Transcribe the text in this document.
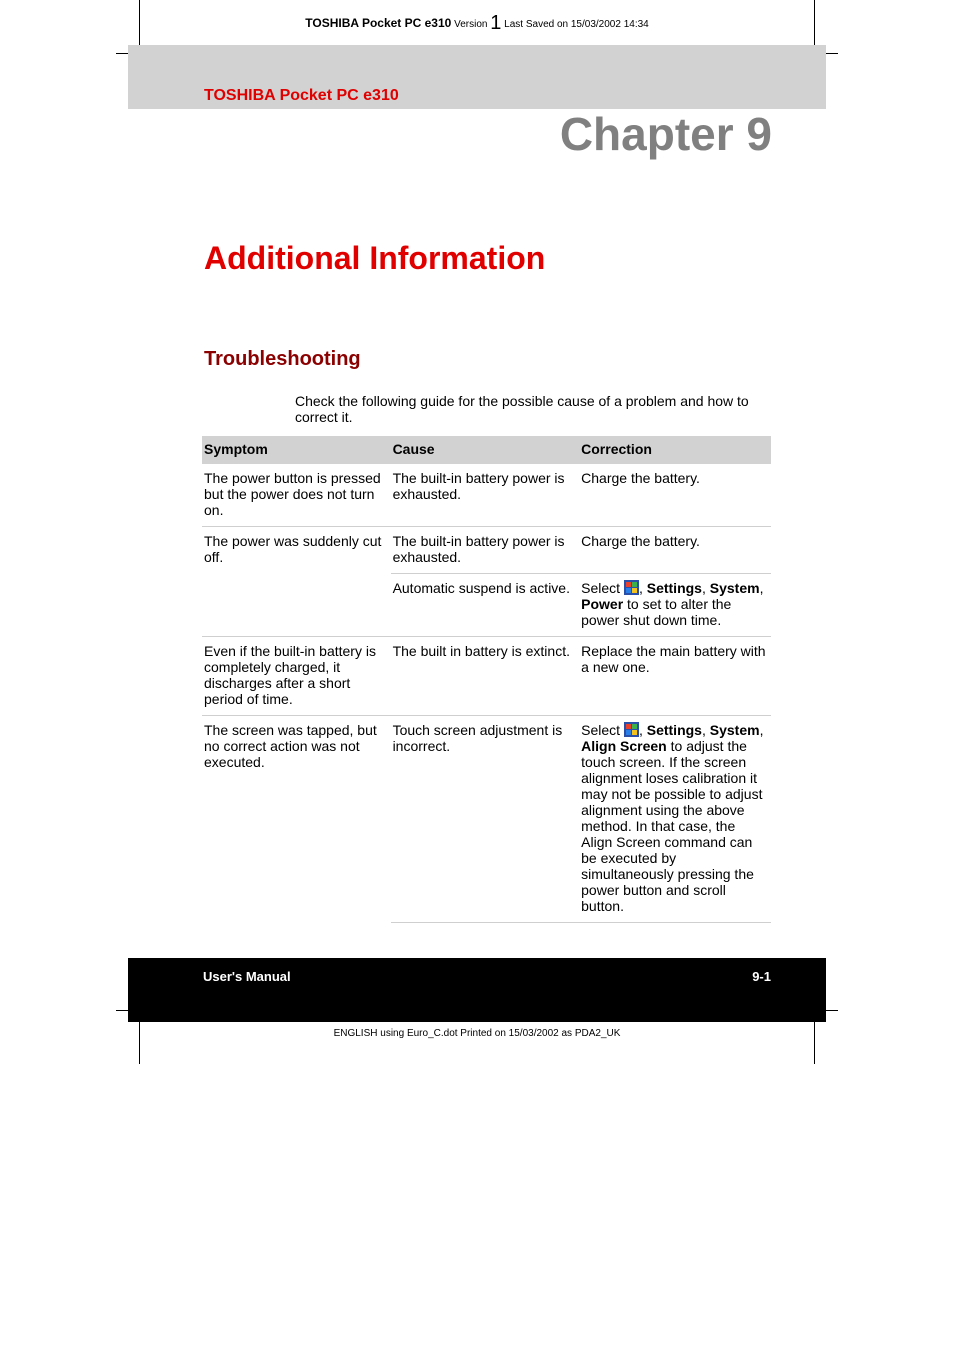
TOSHIBA Pocket PC e310 Version 1 Last Saved on 15/03/2002 14:34
TOSHIBA Pocket PC e310
Chapter 9
Additional Information
Troubleshooting
Check the following guide for the possible cause of a problem and how to correct it.
Symptom	Cause	Correction
The power button is pressed but the power does not turn on.	The built-in battery power is exhausted.	Charge the battery.
The power was suddenly cut off.	The built-in battery power is exhausted.	Charge the battery.
	Automatic suspend is active.	Select , Settings, System, Power to set to alter the power shut down time.
Even if the built-in battery is completely charged, it discharges after a short period of time.	The built in battery is extinct.	Replace the main battery with a new one.
The screen was tapped, but no correct action was not executed.	Touch screen adjustment is incorrect.	Select , Settings, System, Align Screen to adjust the touch screen. If the screen alignment loses calibration it may not be possible to adjust alignment using the above method. In that case, the Align Screen command can be executed by simultaneously pressing the power button and scroll button.
User's Manual	9-1
ENGLISH using Euro_C.dot Printed on 15/03/2002 as PDA2_UK
